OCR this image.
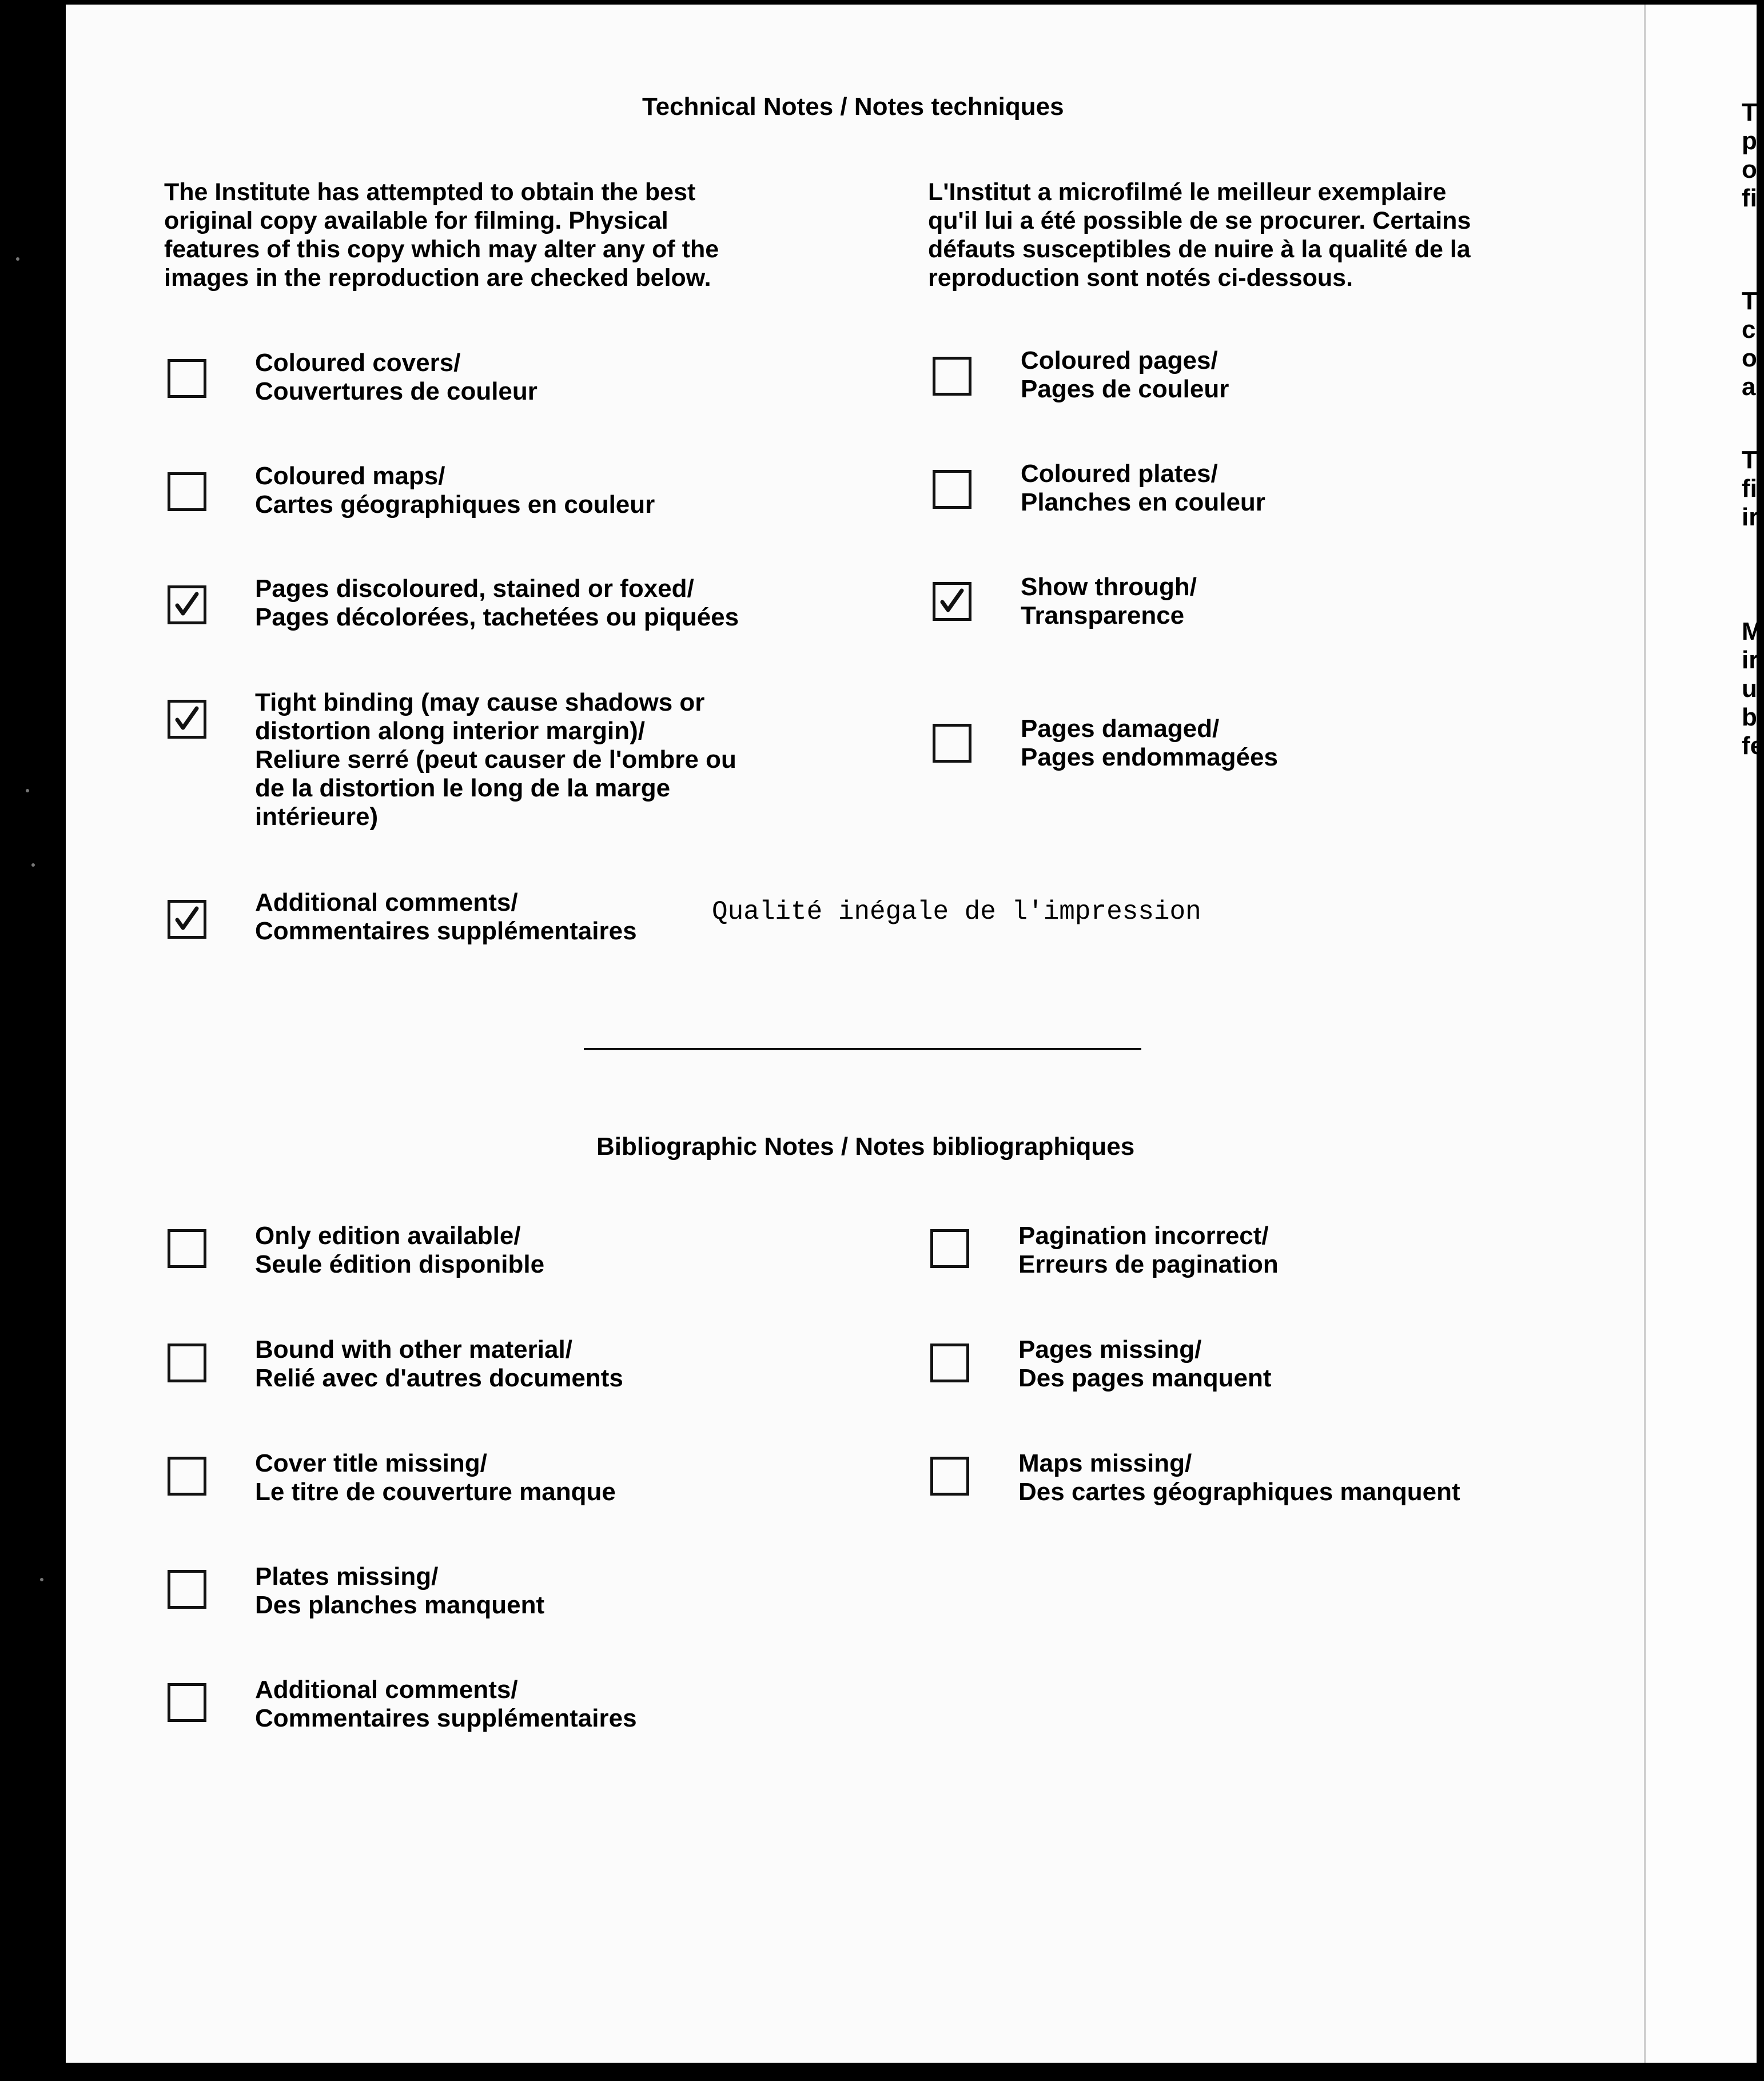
Technical Notes / Notes techniques
The Institute has attempted to obtain the best
original copy available for filming. Physical
features of this copy which may alter any of the
images in the reproduction are checked below.
L'Institut a microfilmé le meilleur exemplaire
qu'il lui a été possible de se procurer. Certains
défauts susceptibles de nuire à la qualité de la
reproduction sont notés ci-dessous.
Coloured covers/
Couvertures de couleur
Coloured maps/
Cartes géographiques en couleur
Pages discoloured, stained or foxed/
Pages décolorées, tachetées ou piquées
Tight binding (may cause shadows or
distortion along interior margin)/
Reliure serré (peut causer de l'ombre ou
de la distortion le long de la marge
intérieure)
Additional comments/
Commentaires supplémentaires
Qualité inégale de l'impression
Coloured pages/
Pages de couleur
Coloured plates/
Planches en couleur
Show through/
Transparence
Pages damaged/
Pages endommagées
Bibliographic Notes / Notes bibliographiques
Only edition available/
Seule édition disponible
Bound with other material/
Relié avec d'autres documents
Cover title missing/
Le titre de couverture manque
Plates missing/
Des planches manquent
Additional comments/
Commentaires supplémentaires
Pagination incorrect/
Erreurs de pagination
Pages missing/
Des pages manquent
Maps missing/
Des cartes géographiques manquent
T
p
o
fi
T
c
o
a
T
fi
ir
M
ir
u
b
fe
